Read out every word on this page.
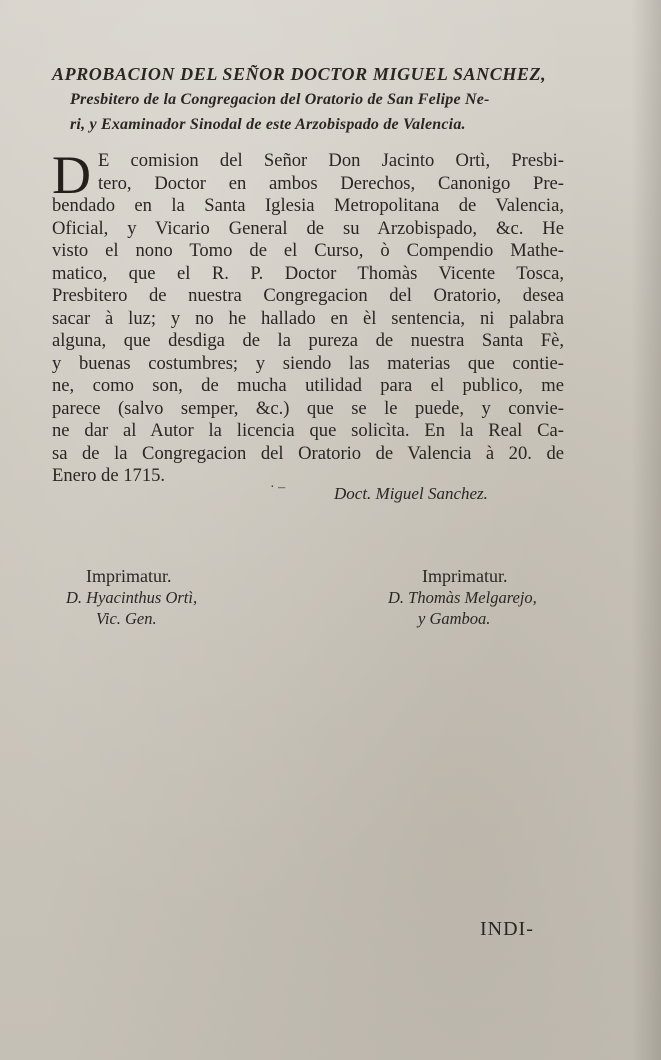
APROBACION DEL SEÑOR DOCTOR MIGUEL SANCHEZ,
Presbitero de la Congregacion del Oratorio de San Felipe Ne-
ri, y Examinador Sinodal de este Arzobispado de Valencia.
D E comision del Señor Don Jacinto Ortì, Presbi-
tero, Doctor en ambos Derechos, Canonigo Pre-
bendado en la Santa Iglesia Metropolitana de Valencia,
Oficial, y Vicario General de su Arzobispado, &c. He
visto el nono Tomo de el Curso, ò Compendio Mathe-
matico, que el R. P. Doctor Thomàs Vicente Tosca,
Presbitero de nuestra Congregacion del Oratorio, desea
sacar à luz; y no he hallado en èl sentencia, ni palabra
alguna, que desdiga de la pureza de nuestra Santa Fè,
y buenas costumbres; y siendo las materias que contie-
ne, como son, de mucha utilidad para el publico, me
parece (salvo semper, &c.) que se le puede, y convie-
ne dar al Autor la licencia que solicìta. En la Real Ca-
sa de la Congregacion del Oratorio de Valencia à 20. de
Enero de 1715.
· ‒	Doct. Miguel Sanchez.
Imprimatur.
D. Hyacinthus Ortì,
Vic. Gen.
Imprimatur.
D. Thomàs Melgarejo,
y Gamboa.
INDI-
